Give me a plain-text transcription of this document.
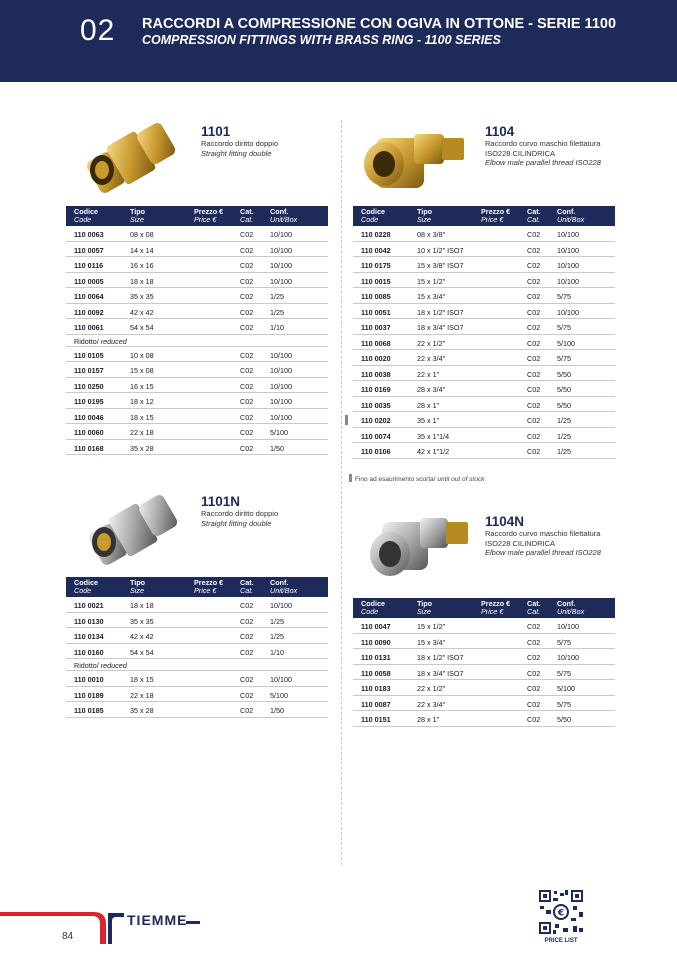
02 RACCORDI A COMPRESSIONE CON OGIVA IN OTTONE - SERIE 1100
COMPRESSION FITTINGS WITH BRASS RING - 1100 SERIES
1101
Raccordo diritto doppio
Straight fitting double
Codice
Code
Tipo
Size
Prezzo €
Price €
Cat.
Cat.
Conf.
Unit/Box
110 0063	08 x 08	C02 10/100
110 0057	14 x 14	C02 10/100
110 0116	16 x 16	C02 10/100
110 0005	18 x 18	C02 10/100
110 0064	35 x 35	C02 1/25
110 0092	42 x 42	C02 1/25
110 0061	54 x 54	C02 1/10
Ridotto/ reduced
110 0105	10 x 08	C02 10/100
110 0157	15 x 08	C02 10/100
110 0250	16 x 15	C02 10/100
110 0195	18 x 12	C02 10/100
110 0046	18 x 15	C02 10/100
110 0060	22 x 18	C02 5/100
110 0168	35 x 28	C02 1/50
1101N
Raccordo diritto doppio
Straight fitting double
Codice
Code
Tipo
Size
Prezzo €
Price €
Cat.
Cat.
Conf.
Unit/Box
110 0021	18 x 18	C02 10/100
110 0130	35 x 35	C02 1/25
110 0134	42 x 42	C02 1/25
110 0160	54 x 54	C02 1/10
Ridotto/ reduced
110 0010	18 x 15	C02 10/100
110 0189	22 x 18	C02 5/100
110 0185	35 x 28	C02 1/50
1104
Raccordo curvo maschio filettatura ISO228 CILINDRICA
Elbow male parallel thread ISO228
Codice
Code
Tipo
Size
Prezzo €
Price €
Cat.
Cat.
Conf.
Unit/Box
110 0228	08 x 3/8"	C02 10/100
110 0042	10 x 1/2" ISO7	C02 10/100
110 0175	15 x 3/8" ISO7	C02 10/100
110 0015	15 x 1/2"	C02 10/100
110 0085	15 x 3/4"	C02 5/75
110 0051	18 x 1/2" ISO7	C02 10/100
110 0037	18 x 3/4" ISO7	C02 5/75
110 0068	22 x 1/2"	C02 5/100
110 0020	22 x 3/4"	C02 5/75
110 0038	22 x 1"	C02 5/50
110 0169	28 x 3/4"	C02 5/50
110 0035	28 x 1"	C02 5/50
110 0202	35 x 1"	C02 1/25
110 0074	35 x 1"1/4	C02 1/25
110 0106	42 x 1"1/2	C02 1/25
Fino ad esaurimento scorta/ until out of stock
1104N
Raccordo curvo maschio filettatura ISO228 CILINDRICA
Elbow male parallel thread ISO228
Codice
Code
Tipo
Size
Prezzo €
Price €
Cat.
Cat.
Conf.
Unit/Box
110 0047	15 x 1/2"	C02 10/100
110 0090	15 x 3/4"	C02 5/75
110 0131	18 x 1/2" ISO7	C02 10/100
110 0058	18 x 3/4" ISO7	C02 5/75
110 0183	22 x 1/2"	C02 5/100
110 0087	22 x 3/4"	C02 5/75
110 0151	28 x 1"	C02 5/50
TIEMME
84
€
PRICE LIST
